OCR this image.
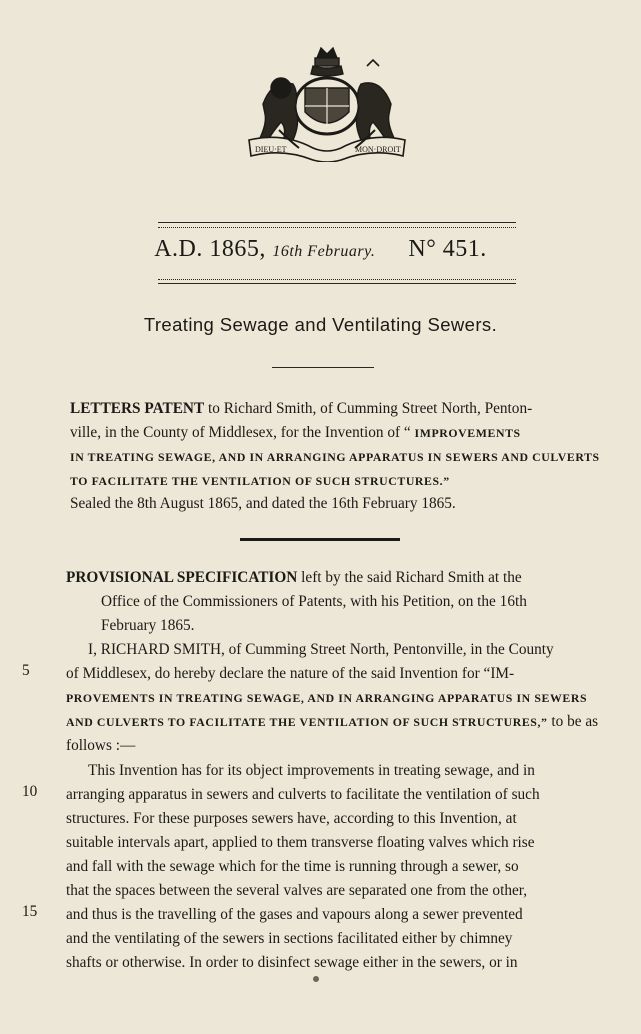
DIEU·ET	MON·DROIT
A.D. 1865, 16th February. N° 451.
Treating Sewage and Ventilating Sewers.

LETTERS PATENT to Richard Smith, of Cumming Street North, Penton-

ville, in the County of Middlesex, for the Invention of “ IMPROVEMENTS

IN TREATING SEWAGE, AND IN ARRANGING APPARATUS IN SEWERS AND CULVERTS

TO FACILITATE THE VENTILATION OF SUCH STRUCTURES.”

Sealed the 8th August 1865, and dated the 16th February 1865.

PROVISIONAL SPECIFICATION left by the said Richard Smith at the

Office of the Commissioners of Patents, with his Petition, on the 16th

February 1865.

I, RICHARD SMITH, of Cumming Street North, Pentonville, in the County

5 of Middlesex, do hereby declare the nature of the said Invention for “IM-

PROVEMENTS IN TREATING SEWAGE, AND IN ARRANGING APPARATUS IN SEWERS

AND CULVERTS TO FACILITATE THE VENTILATION OF SUCH STRUCTURES,” to be as

follows :—

This Invention has for its object improvements in treating sewage, and in

10 arranging apparatus in sewers and culverts to facilitate the ventilation of such

structures. For these purposes sewers have, according to this Invention, at

suitable intervals apart, applied to them transverse floating valves which rise

and fall with the sewage which for the time is running through a sewer, so

that the spaces between the several valves are separated one from the other,

15 and thus is the travelling of the gases and vapours along a sewer prevented

and the ventilating of the sewers in sections facilitated either by chimney

shafts or otherwise. In order to disinfect sewage either in the sewers, or in
